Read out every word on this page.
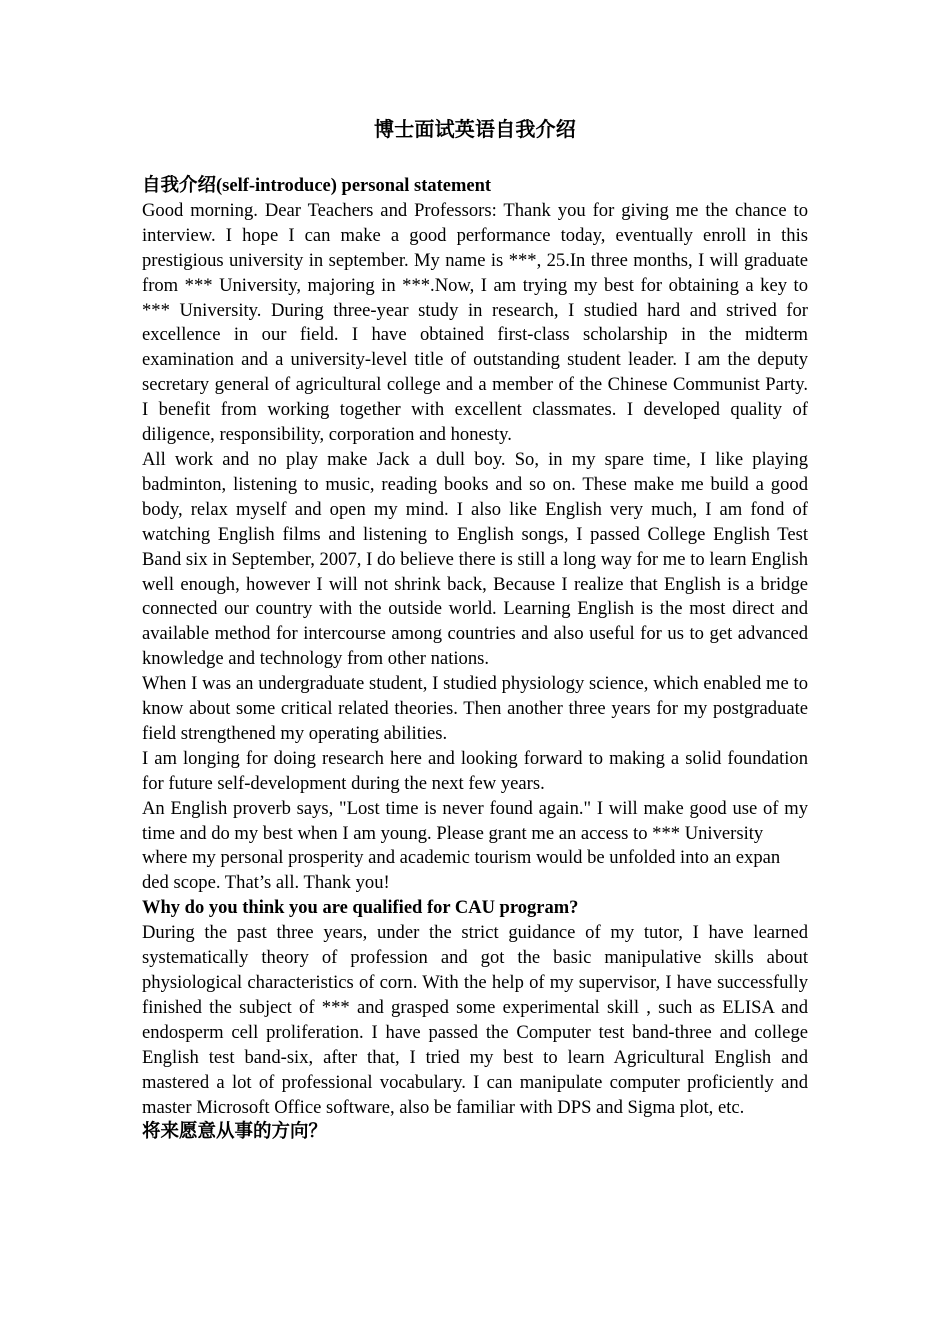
博士面试英语自我介绍
自我介绍(self-introduce) personal statement

Good morning. Dear Teachers and Professors: Thank you for giving me the chance to interview. I hope I can make a good performance today, eventually enroll in this prestigious university in september. My name is ***, 25.In three months, I will graduate from *** University, majoring in ***.Now, I am trying my best for obtaining a key to *** University. During three-year study in research, I studied hard and strived for excellence in our field. I have obtained first-class scholarship in the midterm examination and a university-level title of outstanding student leader. I am the deputy secretary general of agricultural college and a member of the Chinese Communist Party. I benefit from working together with excellent classmates. I developed quality of diligence, responsibility, corporation and honesty.

All work and no play make Jack a dull boy. So, in my spare time, I like playing badminton, listening to music, reading books and so on. These make me build a good body, relax myself and open my mind. I also like English very much, I am fond of watching English films and listening to English songs, I passed College English Test Band six in September, 2007, I do believe there is still a long way for me to learn English well enough, however I will not shrink back, Because I realize that English is a bridge connected our country with the outside world. Learning English is the most direct and available method for intercourse among countries and also useful for us to get advanced knowledge and technology from other nations.

When I was an undergraduate student, I studied physiology science, which enabled me to know about some critical related theories. Then another three years for my postgraduate field strengthened my operating abilities.

I am longing for doing research here and looking forward to making a solid foundation for future self-development during the next few years.

An English proverb says, "Lost time is never found again." I will make good use of my time and do my best when I am young. Please grant me an access to *** University

where my personal prosperity and academic tourism would be unfolded into an expan ded scope. That’s all. Thank you!

Why do you think you are qualified for CAU program?

During the past three years, under the strict guidance of my tutor, I have learned systematically theory of profession and got the basic manipulative skills about physiological characteristics of corn. With the help of my supervisor, I have successfully finished the subject of *** and grasped some experimental skill , such as ELISA and endosperm cell proliferation. I have passed the Computer test band-three and college English test band-six, after that, I tried my best to learn Agricultural English and mastered a lot of professional vocabulary. I can manipulate computer proficiently and master Microsoft Office software, also be familiar with DPS and Sigma plot, etc.

将来愿意从事的方向？
